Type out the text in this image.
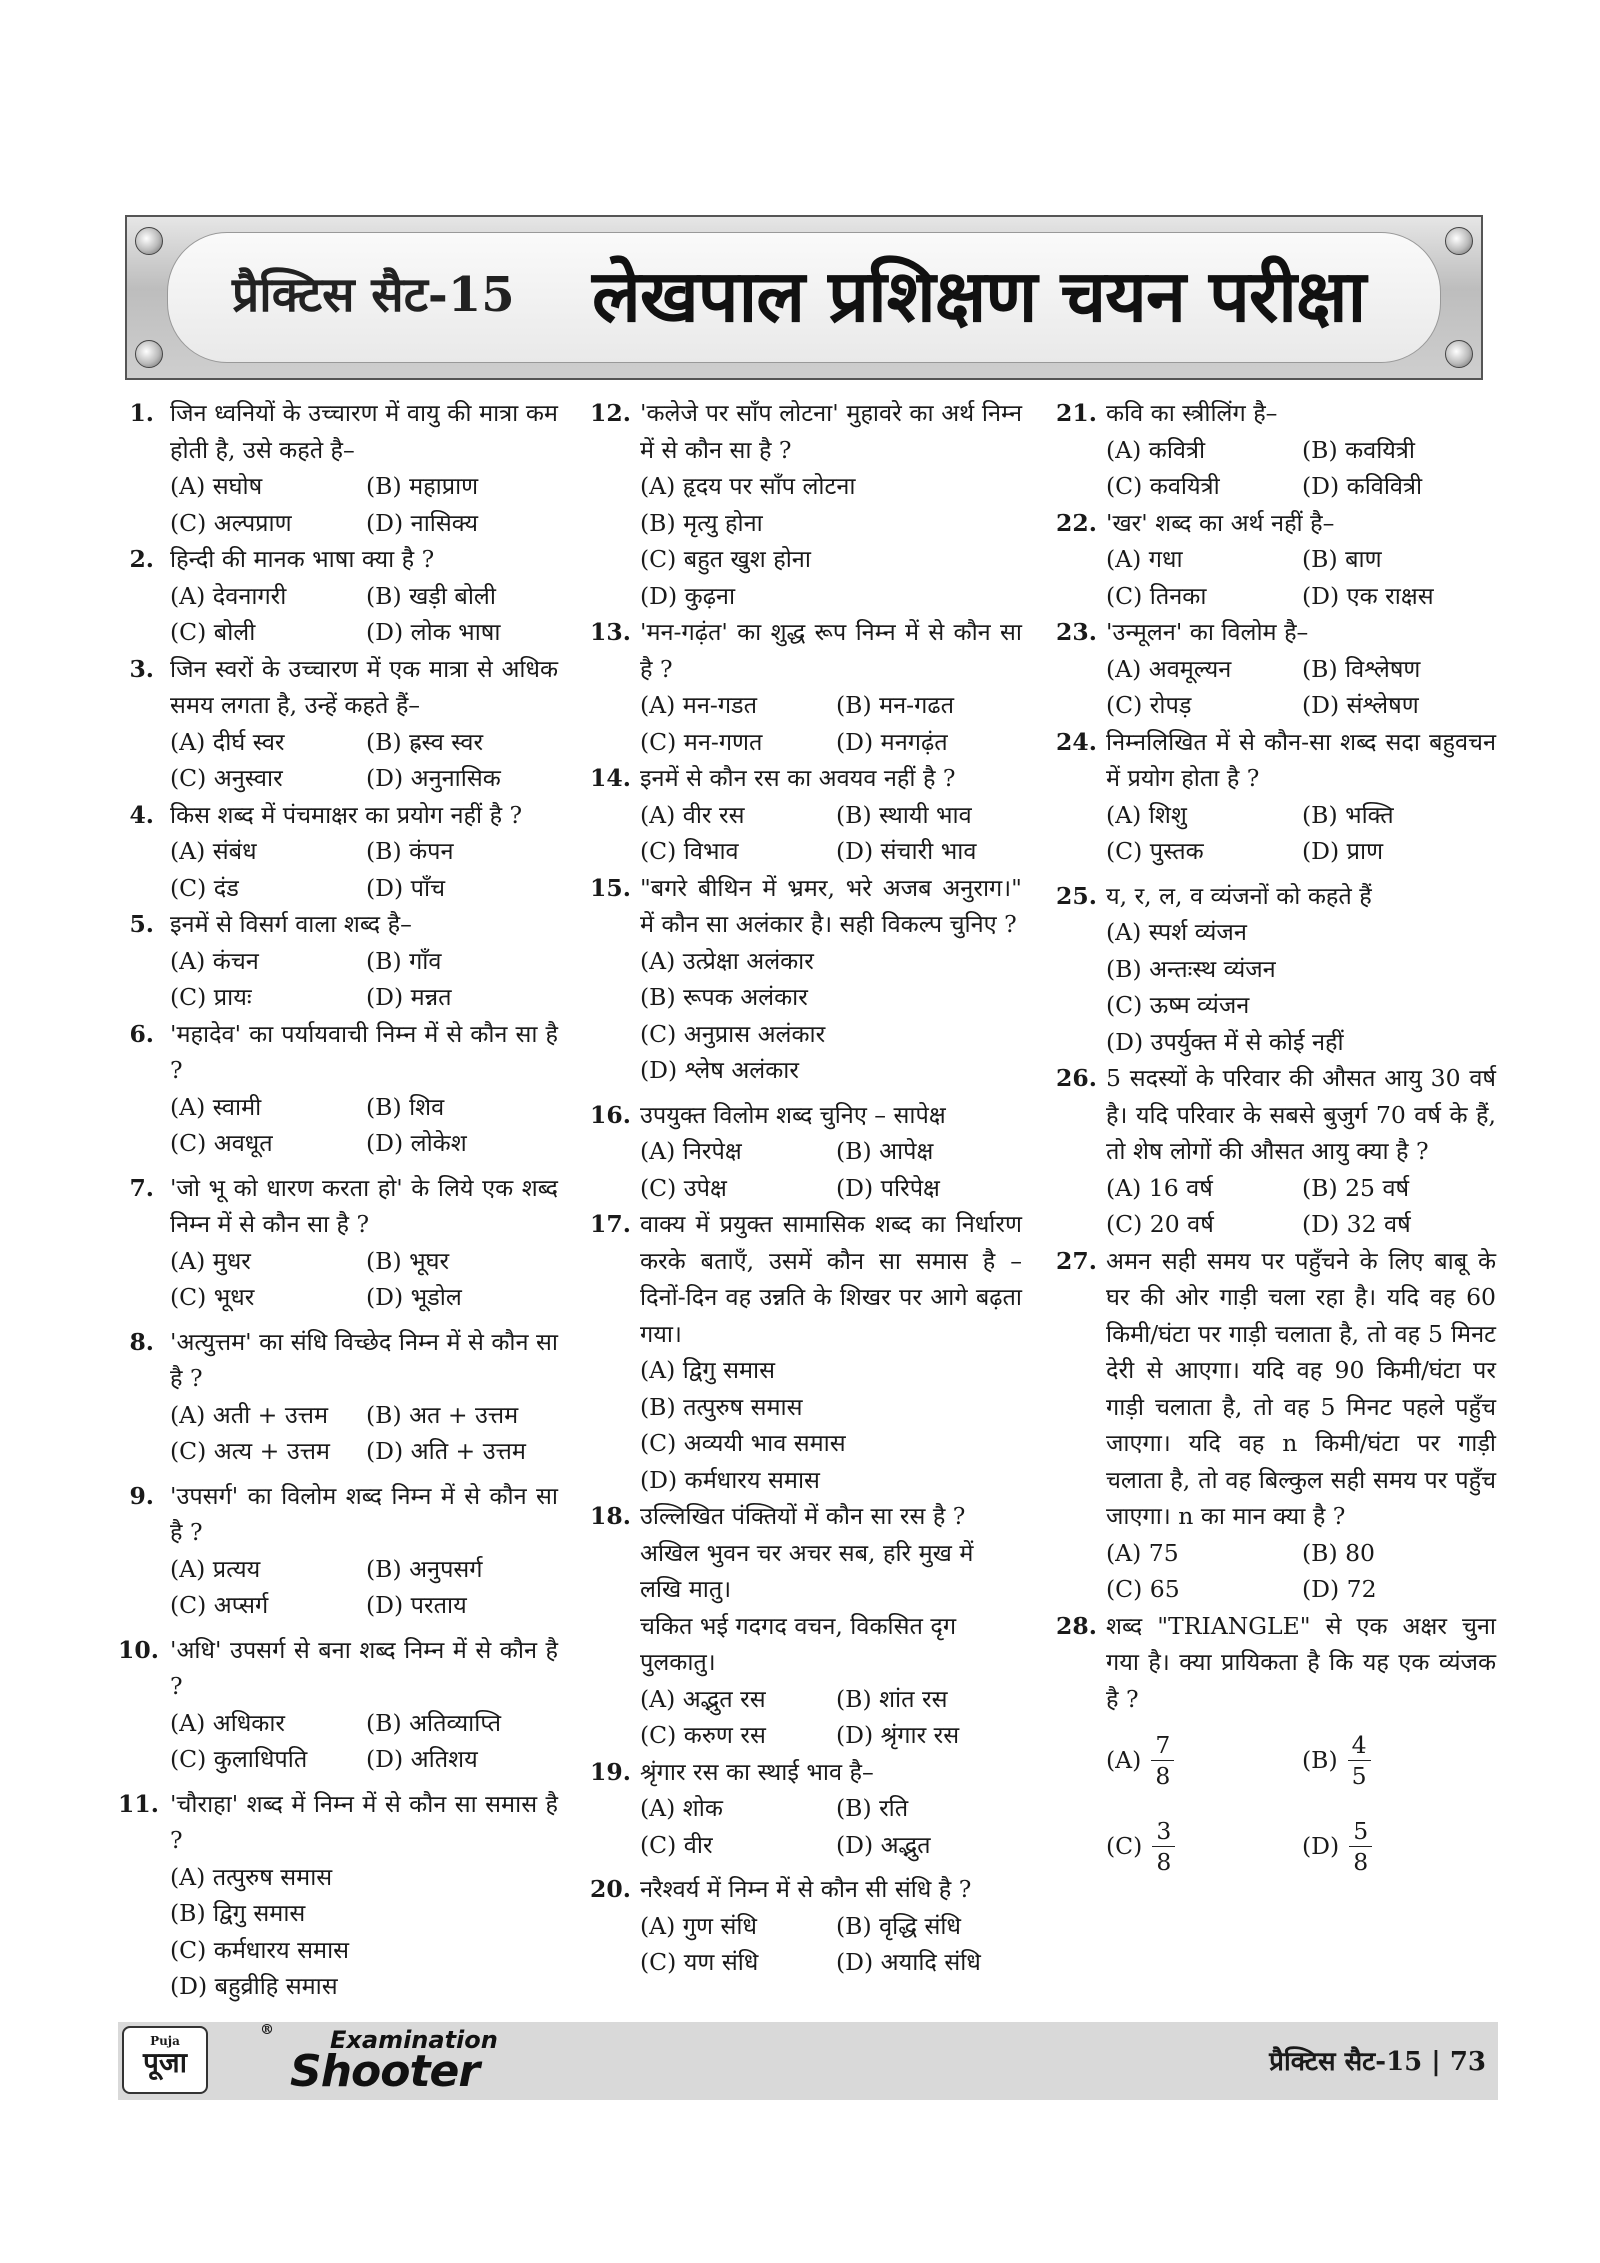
प्रैक्टिस सैट-15 लेखपाल प्रशिक्षण चयन परीक्षा
1. जिन ध्वनियों के उच्चारण में वायु की मात्रा कम होती है, उसे कहते है–
(A) सघोष	(B) महाप्राण
(C) अल्पप्राण	(D) नासिक्य
2. हिन्दी की मानक भाषा क्या है ?
(A) देवनागरी	(B) खड़ी बोली
(C) बोली	(D) लोक भाषा
3. जिन स्वरों के उच्चारण में एक मात्रा से अधिक समय लगता है, उन्हें कहते हैं–
(A) दीर्घ स्वर	(B) ह्रस्व स्वर
(C) अनुस्वार	(D) अनुनासिक
4. किस शब्द में पंचमाक्षर का प्रयोग नहीं है ?
(A) संबंध	(B) कंपन
(C) दंड	(D) पाँच
5. इनमें से विसर्ग वाला शब्द है–
(A) कंचन	(B) गाँव
(C) प्रायः	(D) मन्नत
6. 'महादेव' का पर्यायवाची निम्न में से कौन सा है ?
(A) स्वामी	(B) शिव
(C) अवधूत	(D) लोकेश
7. 'जो भू को धारण करता हो' के लिये एक शब्द निम्न में से कौन सा है ?
(A) मुधर	(B) भूघर
(C) भूधर	(D) भूडोल
8. 'अत्युत्तम' का संधि विच्छेद निम्न में से कौन सा है ?
(A) अती + उत्तम	(B) अत + उत्तम
(C) अत्य + उत्तम	(D) अति + उत्तम
9. 'उपसर्ग' का विलोम शब्द निम्न में से कौन सा है ?
(A) प्रत्यय	(B) अनुपसर्ग
(C) अप्सर्ग	(D) परताय
10. 'अधि' उपसर्ग से बना शब्द निम्न में से कौन है ?
(A) अधिकार	(B) अतिव्याप्ति
(C) कुलाधिपति	(D) अतिशय
11. 'चौराहा' शब्द में निम्न में से कौन सा समास है ?
(A) तत्पुरुष समास
(B) द्विगु समास
(C) कर्मधारय समास
(D) बहुव्रीहि समास
12. 'कलेजे पर साँप लोटना' मुहावरे का अर्थ निम्न में से कौन सा है ?
(A) हृदय पर साँप लोटना
(B) मृत्यु होना
(C) बहुत खुश होना
(D) कुढ़ना
13. 'मन-गढ़ंत' का शुद्ध रूप निम्न में से कौन सा है ?
(A) मन-गडत	(B) मन-गढत
(C) मन-गणत	(D) मनगढ़ंत
14. इनमें से कौन रस का अवयव नहीं है ?
(A) वीर रस	(B) स्थायी भाव
(C) विभाव	(D) संचारी भाव
15. "बगरे बीथिन में भ्रमर, भरे अजब अनुराग।" में कौन सा अलंकार है। सही विकल्प चुनिए ?
(A) उत्प्रेक्षा अलंकार
(B) रूपक अलंकार
(C) अनुप्रास अलंकार
(D) श्लेष अलंकार
16. उपयुक्त विलोम शब्द चुनिए – सापेक्ष
(A) निरपेक्ष	(B) आपेक्ष
(C) उपेक्ष	(D) परिपेक्ष
17. वाक्य में प्रयुक्त सामासिक शब्द का निर्धारण करके बताएँ, उसमें कौन सा समास है – दिनों-दिन वह उन्नति के शिखर पर आगे बढ़ता गया।
(A) द्विगु समास
(B) तत्पुरुष समास
(C) अव्ययी भाव समास
(D) कर्मधारय समास
18. उल्लिखित पंक्तियों में कौन सा रस है ?
अखिल भुवन चर अचर सब, हरि मुख में लखि मातु।
चकित भई गदगद वचन, विकसित दृग पुलकातु।
(A) अद्भुत रस	(B) शांत रस
(C) करुण रस	(D) श्रृंगार रस
19. श्रृंगार रस का स्थाई भाव है–
(A) शोक	(B) रति
(C) वीर	(D) अद्भुत
20. नरैश्वर्य में निम्न में से कौन सी संधि है ?
(A) गुण संधि	(B) वृद्धि संधि
(C) यण संधि	(D) अयादि संधि
21. कवि का स्त्रीलिंग है–
(A) कवित्री	(B) कवयित्री
(C) कवयित्री	(D) कविवित्री
22. 'खर' शब्द का अर्थ नहीं है–
(A) गधा	(B) बाण
(C) तिनका	(D) एक राक्षस
23. 'उन्मूलन' का विलोम है–
(A) अवमूल्यन	(B) विश्लेषण
(C) रोपड़	(D) संश्लेषण
24. निम्नलिखित में से कौन-सा शब्द सदा बहुवचन में प्रयोग होता है ?
(A) शिशु	(B) भक्ति
(C) पुस्तक	(D) प्राण
25. य, र, ल, व व्यंजनों को कहते हैं
(A) स्पर्श व्यंजन
(B) अन्तःस्थ व्यंजन
(C) ऊष्म व्यंजन
(D) उपर्युक्त में से कोई नहीं
26. 5 सदस्यों के परिवार की औसत आयु 30 वर्ष है। यदि परिवार के सबसे बुजुर्ग 70 वर्ष के हैं, तो शेष लोगों की औसत आयु क्या है ?
(A) 16 वर्ष	(B) 25 वर्ष
(C) 20 वर्ष	(D) 32 वर्ष
27. अमन सही समय पर पहुँचने के लिए बाबू के घर की ओर गाड़ी चला रहा है। यदि वह 60 किमी/घंटा पर गाड़ी चलाता है, तो वह 5 मिनट देरी से आएगा। यदि वह 90 किमी/घंटा पर गाड़ी चलाता है, तो वह 5 मिनट पहले पहुँच जाएगा। यदि वह n किमी/घंटा पर गाड़ी चलाता है, तो वह बिल्कुल सही समय पर पहुँच जाएगा। n का मान क्या है ?
(A) 75	(B) 80
(C) 65	(D) 72
28. शब्द "TRIANGLE" से एक अक्षर चुना गया है। क्या प्रायिकता है कि यह एक व्यंजक है ?
$(A) \frac{7}{8}$	$(B) \frac{4}{5}$
$(C) \frac{3}{8}$	$(D) \frac{5}{8}$
Puja
पूजा
® Examination
Shooter	प्रैक्टिस सैट-15 | 73
